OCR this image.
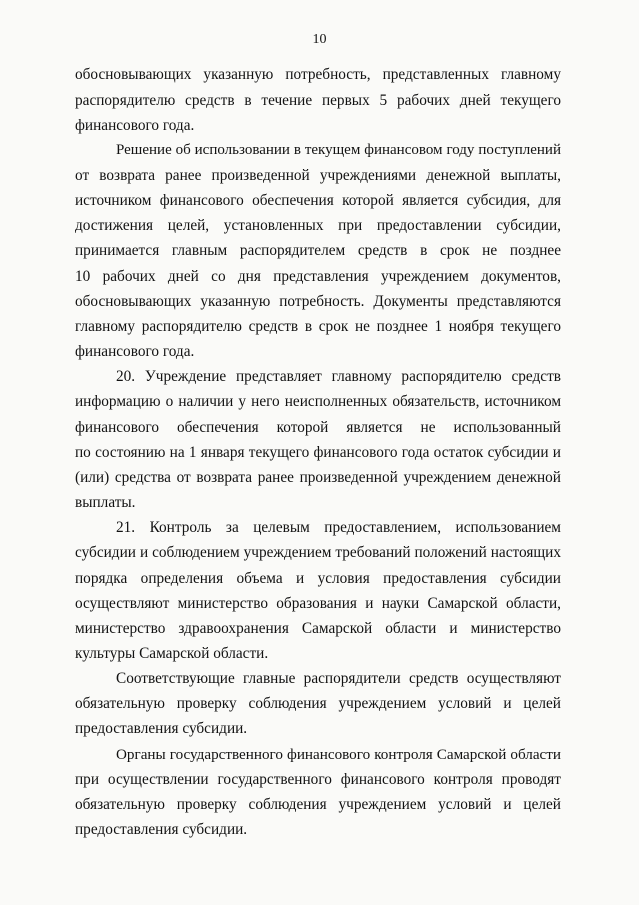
10
обосновывающих указанную потребность, представленных главному
распорядителю средств в течение первых 5 рабочих дней текущего
финансового года.
Решение об использовании в текущем финансовом году поступлений
от возврата ранее произведенной учреждениями денежной выплаты,
источником финансового обеспечения которой является субсидия, для
достижения целей, установленных при предоставлении субсидии,
принимается главным распорядителем средств в срок не позднее
10 рабочих дней со дня представления учреждением документов,
обосновывающих указанную потребность. Документы представляются
главному распорядителю средств в срок не позднее 1 ноября текущего
финансового года.
20. Учреждение представляет главному распорядителю средств
информацию о наличии у него неисполненных обязательств, источником
финансового обеспечения которой является не использованный
по состоянию на 1 января текущего финансового года остаток субсидии и
(или) средства от возврата ранее произведенной учреждением денежной
выплаты.
21. Контроль за целевым предоставлением, использованием
субсидии и соблюдением учреждением требований положений настоящих
порядка определения объема и условия предоставления субсидии
осуществляют министерство образования и науки Самарской области,
министерство здравоохранения Самарской области и министерство
культуры Самарской области.
Соответствующие главные распорядители средств осуществляют
обязательную проверку соблюдения учреждением условий и целей
предоставления субсидии.
Органы государственного финансового контроля Самарской области
при осуществлении государственного финансового контроля проводят
обязательную проверку соблюдения учреждением условий и целей
предоставления субсидии.
